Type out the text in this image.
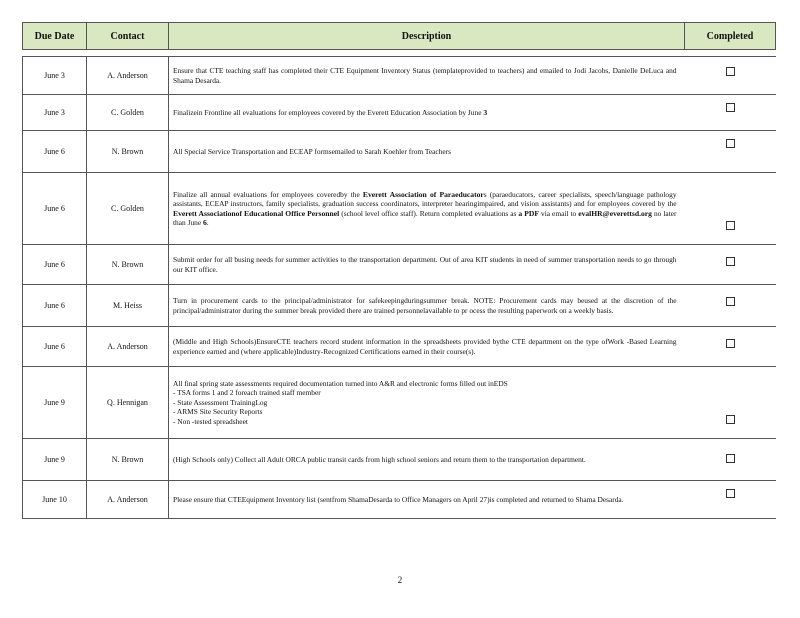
Due Date	Contact	Description	Completed

June 3	A. Anderson	Ensure that CTE teaching staff has completed their CTE Equipment Inventory Status (templateprovided to teachers) and emailed to Jodi Jacobs, Danielle DeLuca and Shama Desarda.	
June 3	C. Golden	Finalizein Frontline all evaluations for employees covered by the Everett Education Association by June 3	
June 6	N. Brown	All Special Service Transportation and ECEAP formsemailed to Sarah Koehler from Teachers	
June 6	C. Golden	Finalize all annual evaluations for employees coveredby the Everett Association of Paraeducators (paraeducators, career specialists, speech/language pathology assistants, ECEAP instructors, family specialists, graduation success coordinators, interpreter hearingimpaired, and vision assistants) and for employees covered by the Everett Associationof Educational Office Personnel (school level office staff). Return completed evaluations as a PDF via email to evalHR@everettsd.org no later than June 6.	
June 6	N. Brown	Submit order for all busing needs for summer activities to the transportation department. Out of area KIT students in need of summer transportation needs to go through our KIT office.	
June 6	M. Heiss	Turn in procurement cards to the principal/administrator for safekeepingduringsummer break. NOTE: Procurement cards may beused at the discretion of the principal/administrator during the summer break provided there are trained personnelavailable to pr ocess the resulting paperwork on a weekly basis.	
June 6	A. Anderson	(Middle and High Schools)EnsureCTE teachers record student information in the spreadsheets provided bythe CTE department on the type ofWork -Based Learning experience earned and (where applicable)Industry-Recognized Certifications earned in their course(s).	
June 9	Q. Hennigan	All final spring state assessments required documentation turned into A&R and electronic forms filled out inEDS
- TSA forms 1 and 2 foreach trained staff member
- State Assessment TrainingLog
- ARMS Site Security Reports
- Non -tested spreadsheet	

June 9	N. Brown	(High Schools only) Collect all Adult ORCA public transit cards from high school seniors and return them to the transportation department.	
June 10	A. Anderson	Please ensure that CTEEquipment Inventory list (sentfrom ShamaDesarda to Office Managers on April 27)is completed and returned to Shama Desarda.	
2
